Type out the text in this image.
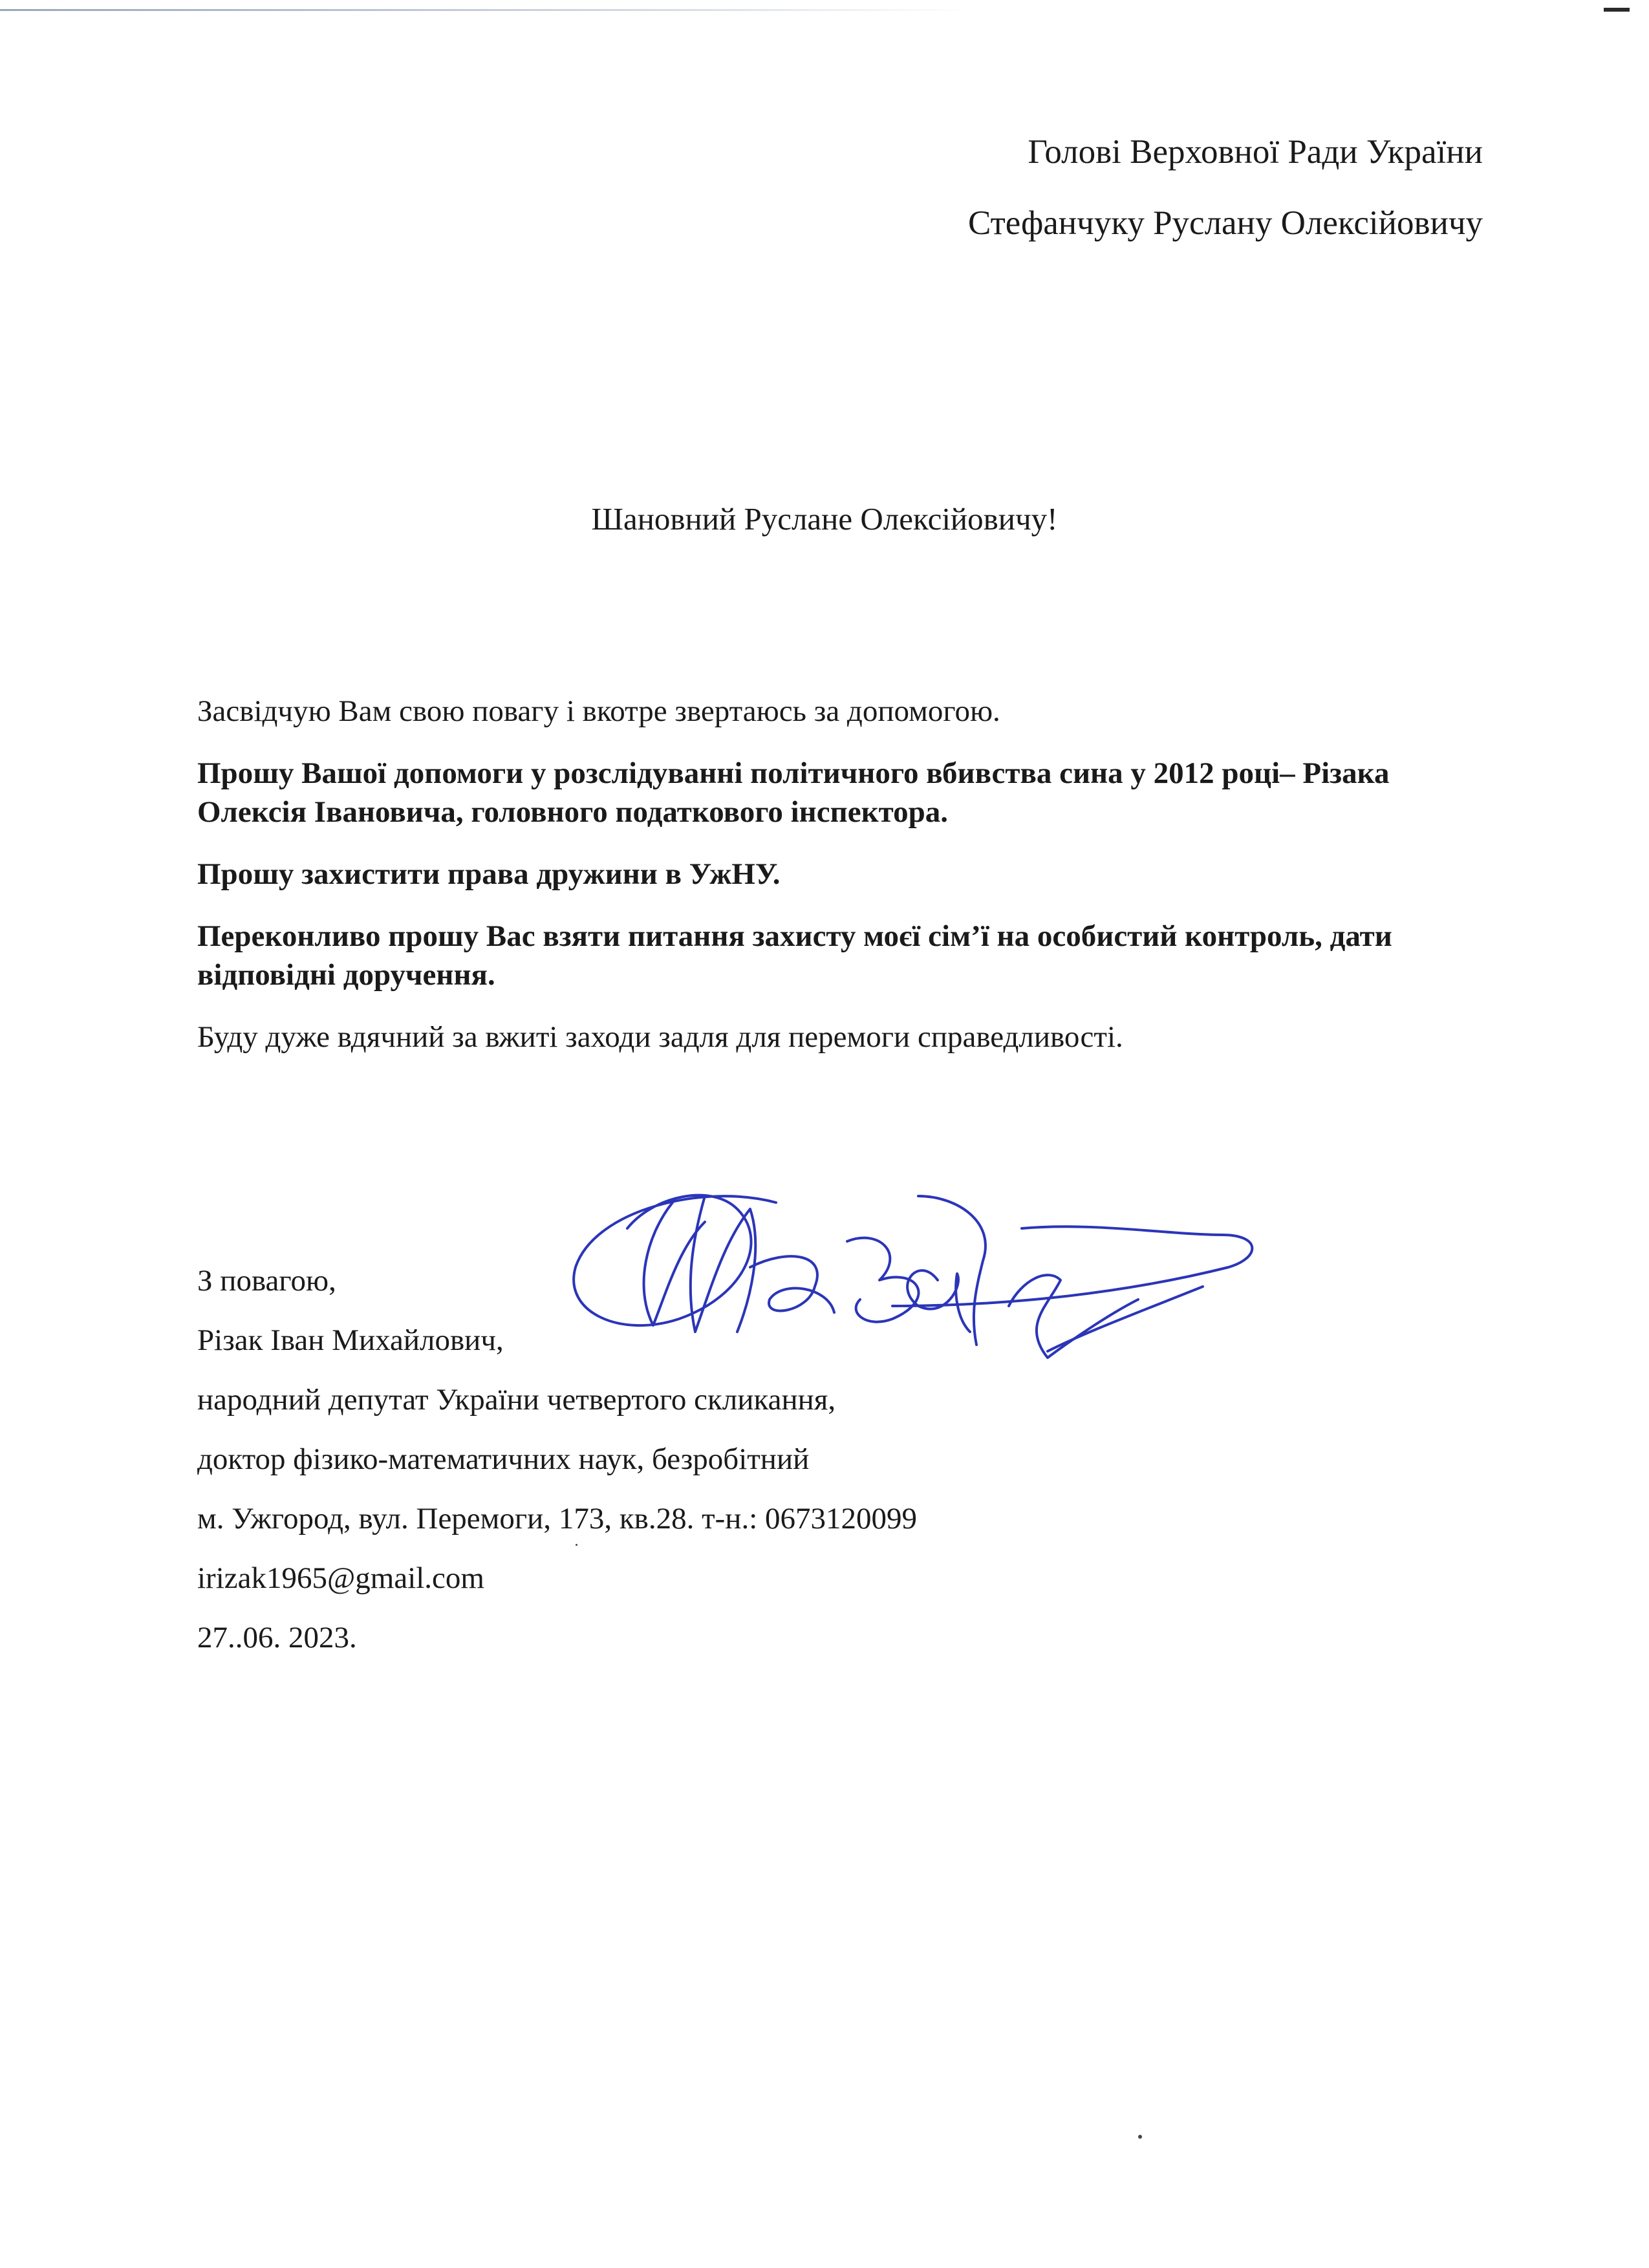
Голові Верховної Ради України
Стефанчуку Руслану Олексійовичу
Шановний Руслане Олексійовичу!

Засвідчую Вам свою повагу і вкотре звертаюсь за допомогою.

Прошу Вашої допомоги у розслідуванні політичного вбивства сина у 2012 році– Різака Олексія Івановича, головного податкового інспектора.

Прошу захистити права дружини в УжНУ.

Переконливо прошу Вас взяти питання захисту моєї сім’ї на особистий контроль, дати відповідні доручення.

Буду дуже вдячний за вжиті заходи задля для перемоги справедливості.

З повагою,
Різак Іван Михайлович,
народний депутат України четвертого скликання,
доктор фізико-математичних наук, безробітний
м. Ужгород, вул. Перемоги, 173, кв.28. т-н.: 0673120099
irizak1965@gmail.com
27..06. 2023.
